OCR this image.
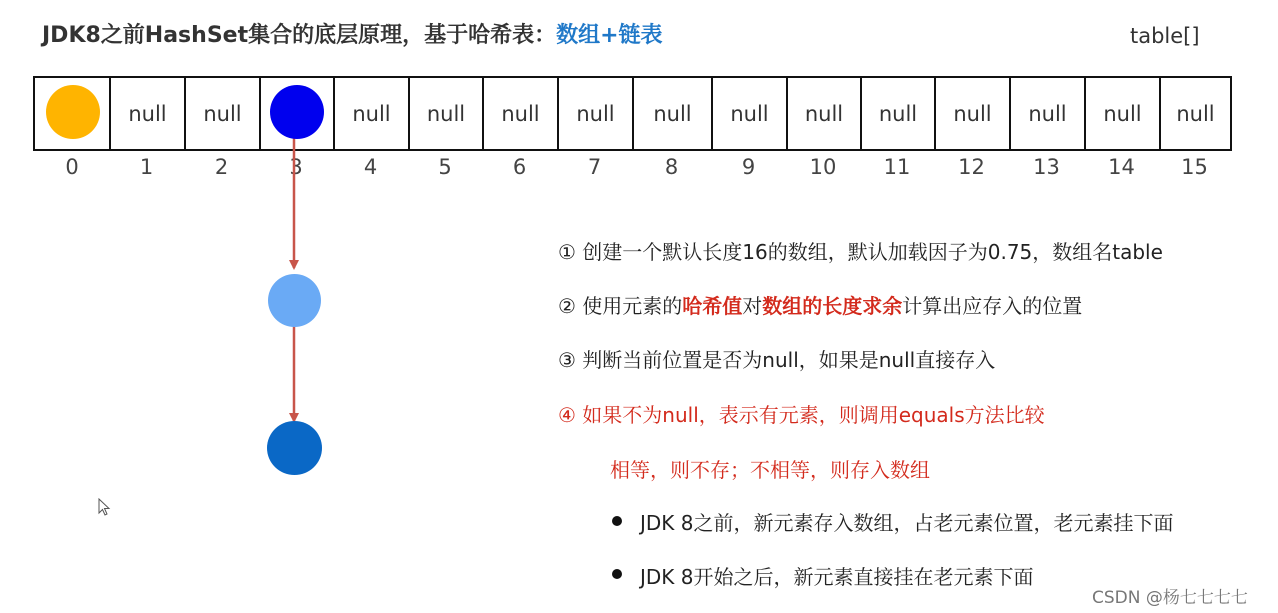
JDK8之前HashSet集合的底层原理，基于哈希表：数组+链表	table[]
null	null	null	null	null	null	null	null	null	null	null	null	null	null
0	1	2	3	4	5	6	7	8	9	10	11	12	13	14	15
① 创建一个默认长度16的数组，默认加载因子为0.75，数组名table
② 使用元素的哈希值对数组的长度求余计算出应存入的位置
③ 判断当前位置是否为null，如果是null直接存入
④ 如果不为null，表示有元素，则调用equals方法比较
相等，则不存；不相等，则存入数组
JDK 8之前，新元素存入数组，占老元素位置，老元素挂下面
JDK 8开始之后，新元素直接挂在老元素下面
CSDN @杨七七七七
